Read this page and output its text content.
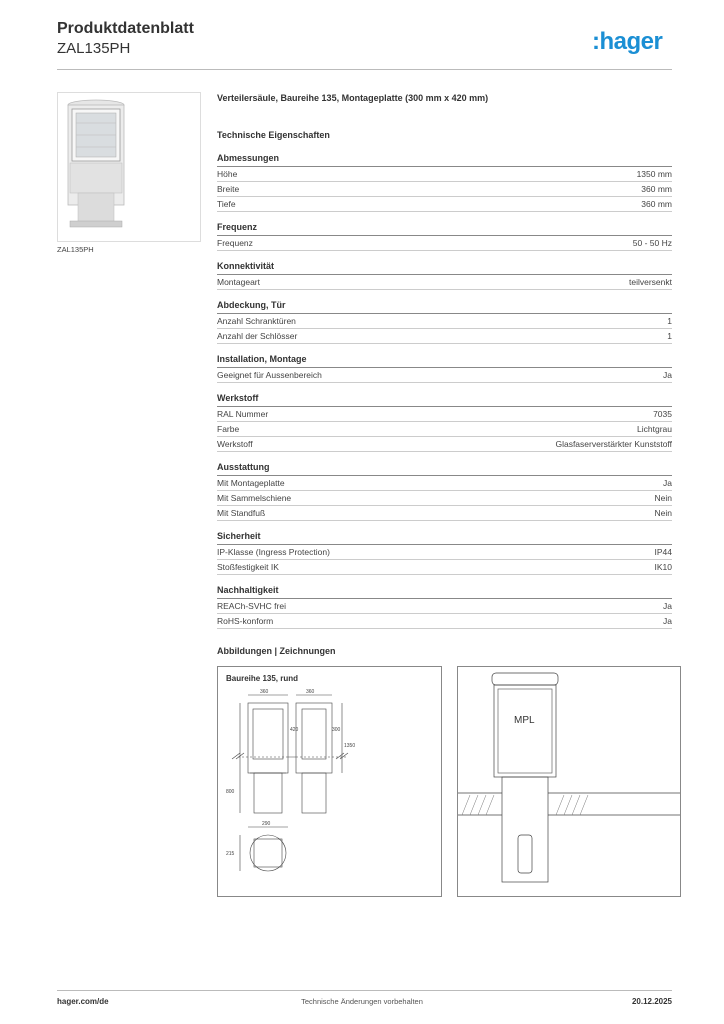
Produktdatenblatt
ZAL135PH	:hager
ZAL135PH
Verteilersäule, Baureihe 135, Montageplatte (300 mm x 420 mm)
Technische Eigenschaften
Abmessungen
Höhe	1350 mm
Breite	360 mm
Tiefe	360 mm
Frequenz
Frequenz	50 - 50 Hz
Konnektivität
Montageart	teilversenkt
Abdeckung, Tür
Anzahl Schranktüren	1
Anzahl der Schlösser	1
Installation, Montage
Geeignet für Aussenbereich	Ja
Werkstoff
RAL Nummer	7035
Farbe	Lichtgrau
Werkstoff	Glasfaserverstärkter Kunststoff
Ausstattung
Mit Montageplatte	Ja
Mit Sammelschiene	Nein
Mit Standfuß	Nein
Sicherheit
IP-Klasse (Ingress Protection)	IP44
Stoßfestigkeit IK	IK10
Nachhaltigkeit
REACh-SVHC frei	Ja
RoHS-konform	Ja
Abbildungen | Zeichnungen
Baureihe 135, rund
360	360
1350
420	300
800
290
215
MPL
hager.com/de	Technische Änderungen vorbehalten	20.12.2025
